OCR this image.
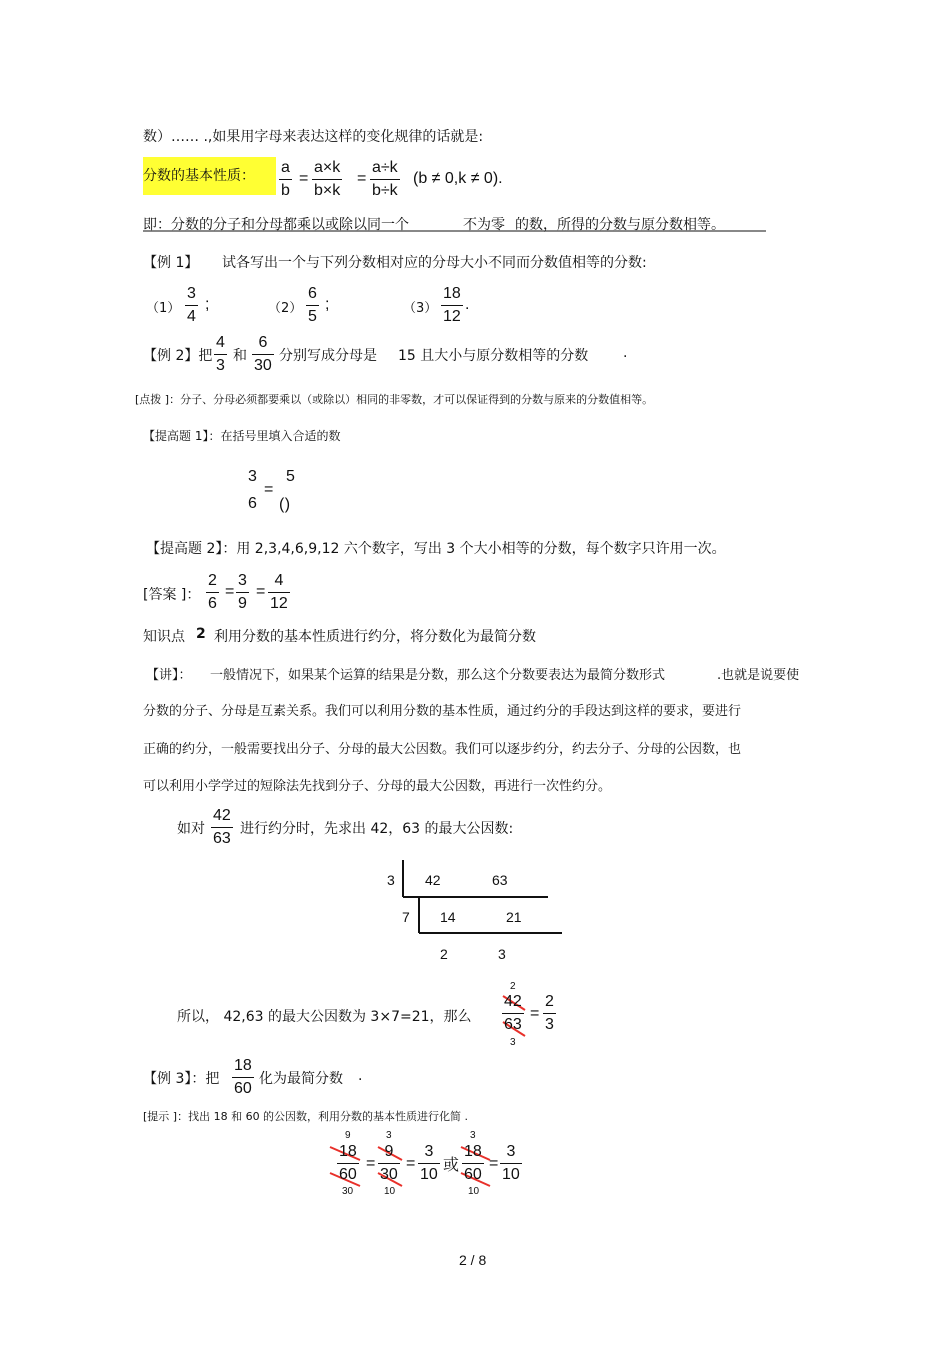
数）…… .,如果用字母来表达这样的变化规律的话就是:
分数的基本性质：	a
b
=
a×k
b×k
=
a÷k
b÷k
(b ≠ 0,k ≠ 0).
即：分数的分子和分母都乘以或除以同一个	不为零 的数，所得的分数与原分数相等。
【例 1】 试各写出一个与下列分数相对应的分母大小不同而分数值相等的分数:
（1）
3
4
;	（2）
6
5
;	（3）
18
12
.
【例 2】把
4
3
和
6
30
分别写成分母是 15 且大小与原分数相等的分数 .
[点拨 ]：分子、分母必须都要乘以（或除以）相同的非零数，才可以保证得到的分数与原来的分数值相等。
【提高题 1】：在括号里填入合适的数
3
6
=
5
( )
【提高题 2】：用 2,3,4,6,9,12 六个数字，写出 3 个大小相等的分数，每个数字只许用一次。
[答案 ]：
2
6
=
3
9
=
4
12
知识点 2 利用分数的基本性质进行约分，将分数化为最简分数
【讲】： 一般情况下，如果某个运算的结果是分数，那么这个分数要表达为最简分数形式	.也就是说要使
分数的分子、分母是互素关系。我们可以利用分数的基本性质，通过约分的手段达到这样的要求，要进行
正确的约分，一般需要找出分子、分母的最大公因数。我们可以逐步约分，约去分子、分母的公因数，也
可以利用小学学过的短除法先找到分子、分母的最大公因数，再进行一次性约分。
如对
42
63
进行约分时，先求出 42，63 的最大公因数:
3 42	63
7 14	21
2	3
所以， 42,63 的最大公因数为 3×7=21，那么
2
42
63
3
=
2
3
【例 3】：把
18
60
化为最简分数 .
[提示 ]：找出 18 和 60 的公因数，利用分数的基本性质进行化简 .
9
18
60
30
=
3
9
30
10
=
3
10
或
3
18
60
10
=
3
10
2 / 8
